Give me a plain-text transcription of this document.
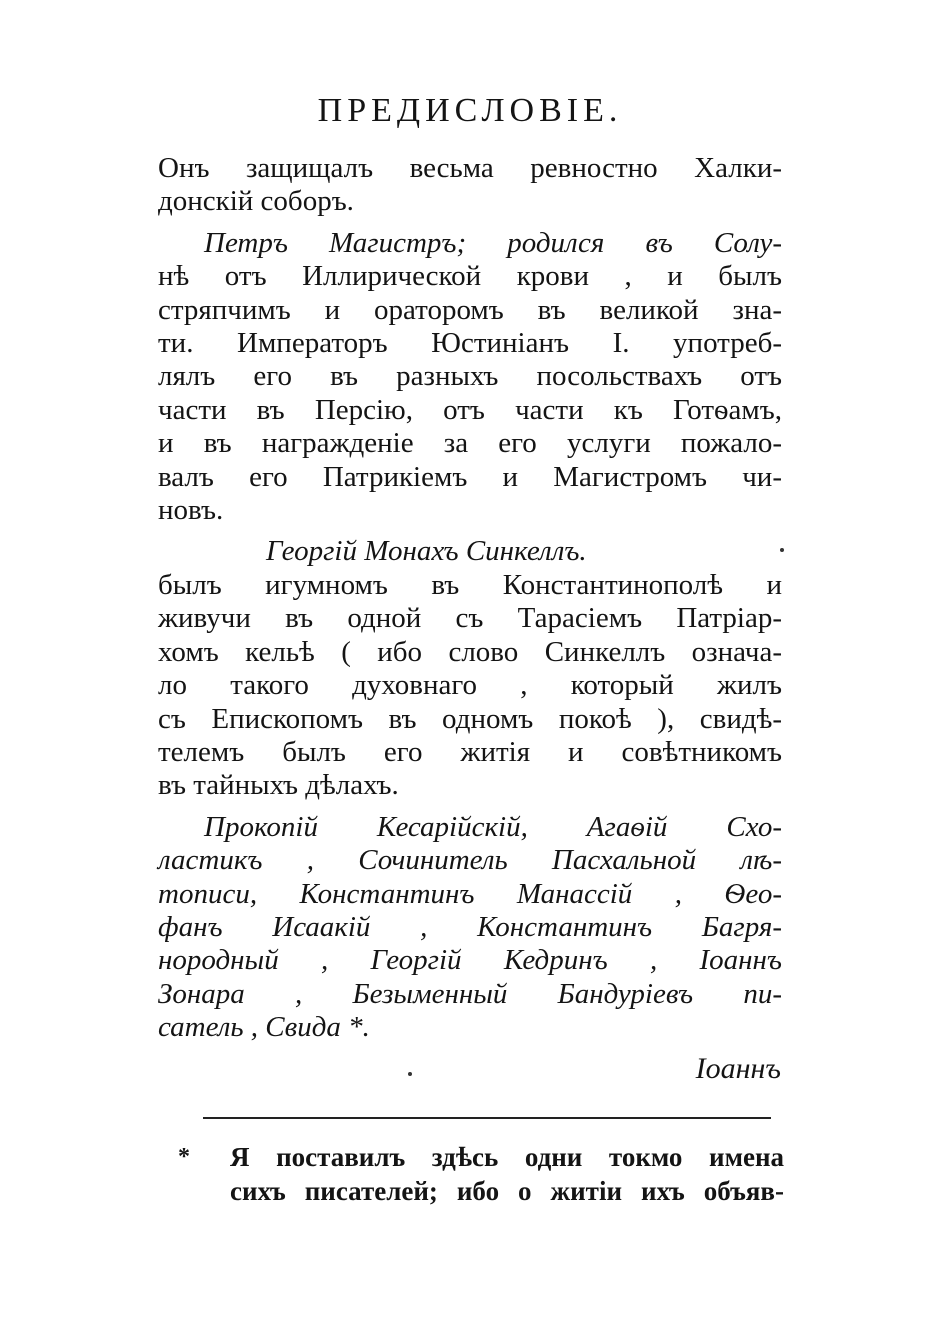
ПРЕДИСЛОВІЕ.
Онъ защищалъ весьма ревностно Халки-
донскій соборъ.
Петръ Магистръ; родился въ Солу-
нѣ отъ Иллирической крови , и былъ
стряпчимъ и ораторомъ въ великой зна-
ти. Императоръ Юстиніанъ I. употреб-
лялъ его въ разныхъ посольствахъ отъ
части въ Персію, отъ части къ Готѳамъ,
и въ награжденіе за его услуги пожало-
валъ его Патрикіемъ и Магистромъ чи-
новъ.
Георгій Монахъ Синкеллъ.
былъ игумномъ въ Константинополѣ и
живучи въ одной съ Тарасіемъ Патріар-
хомъ кельѣ ( ибо слово Синкеллъ означа-
ло такого духовнаго , который жилъ
съ Епископомъ въ одномъ покоѣ ), свидѣ-
телемъ былъ его житія и совѣтникомъ
въ тайныхъ дѣлахъ.
Прокопій Кесарійскій, Агаѳій Схо-
ластикъ , Сочинитель Пасхальной лѣ-
тописи, Константинъ Манассій , Ѳео-
фанъ Исаакій , Константинъ Багря-
нородный , Георгій Кедринъ , Іоаннъ
Зонара , Безыменный Бандуріевъ пи-
сатель , Свида *.
Іоаннъ
* Я поставилъ здѣсь одни токмо имена
сихъ писателей; ибо о житіи ихъ объяв-
